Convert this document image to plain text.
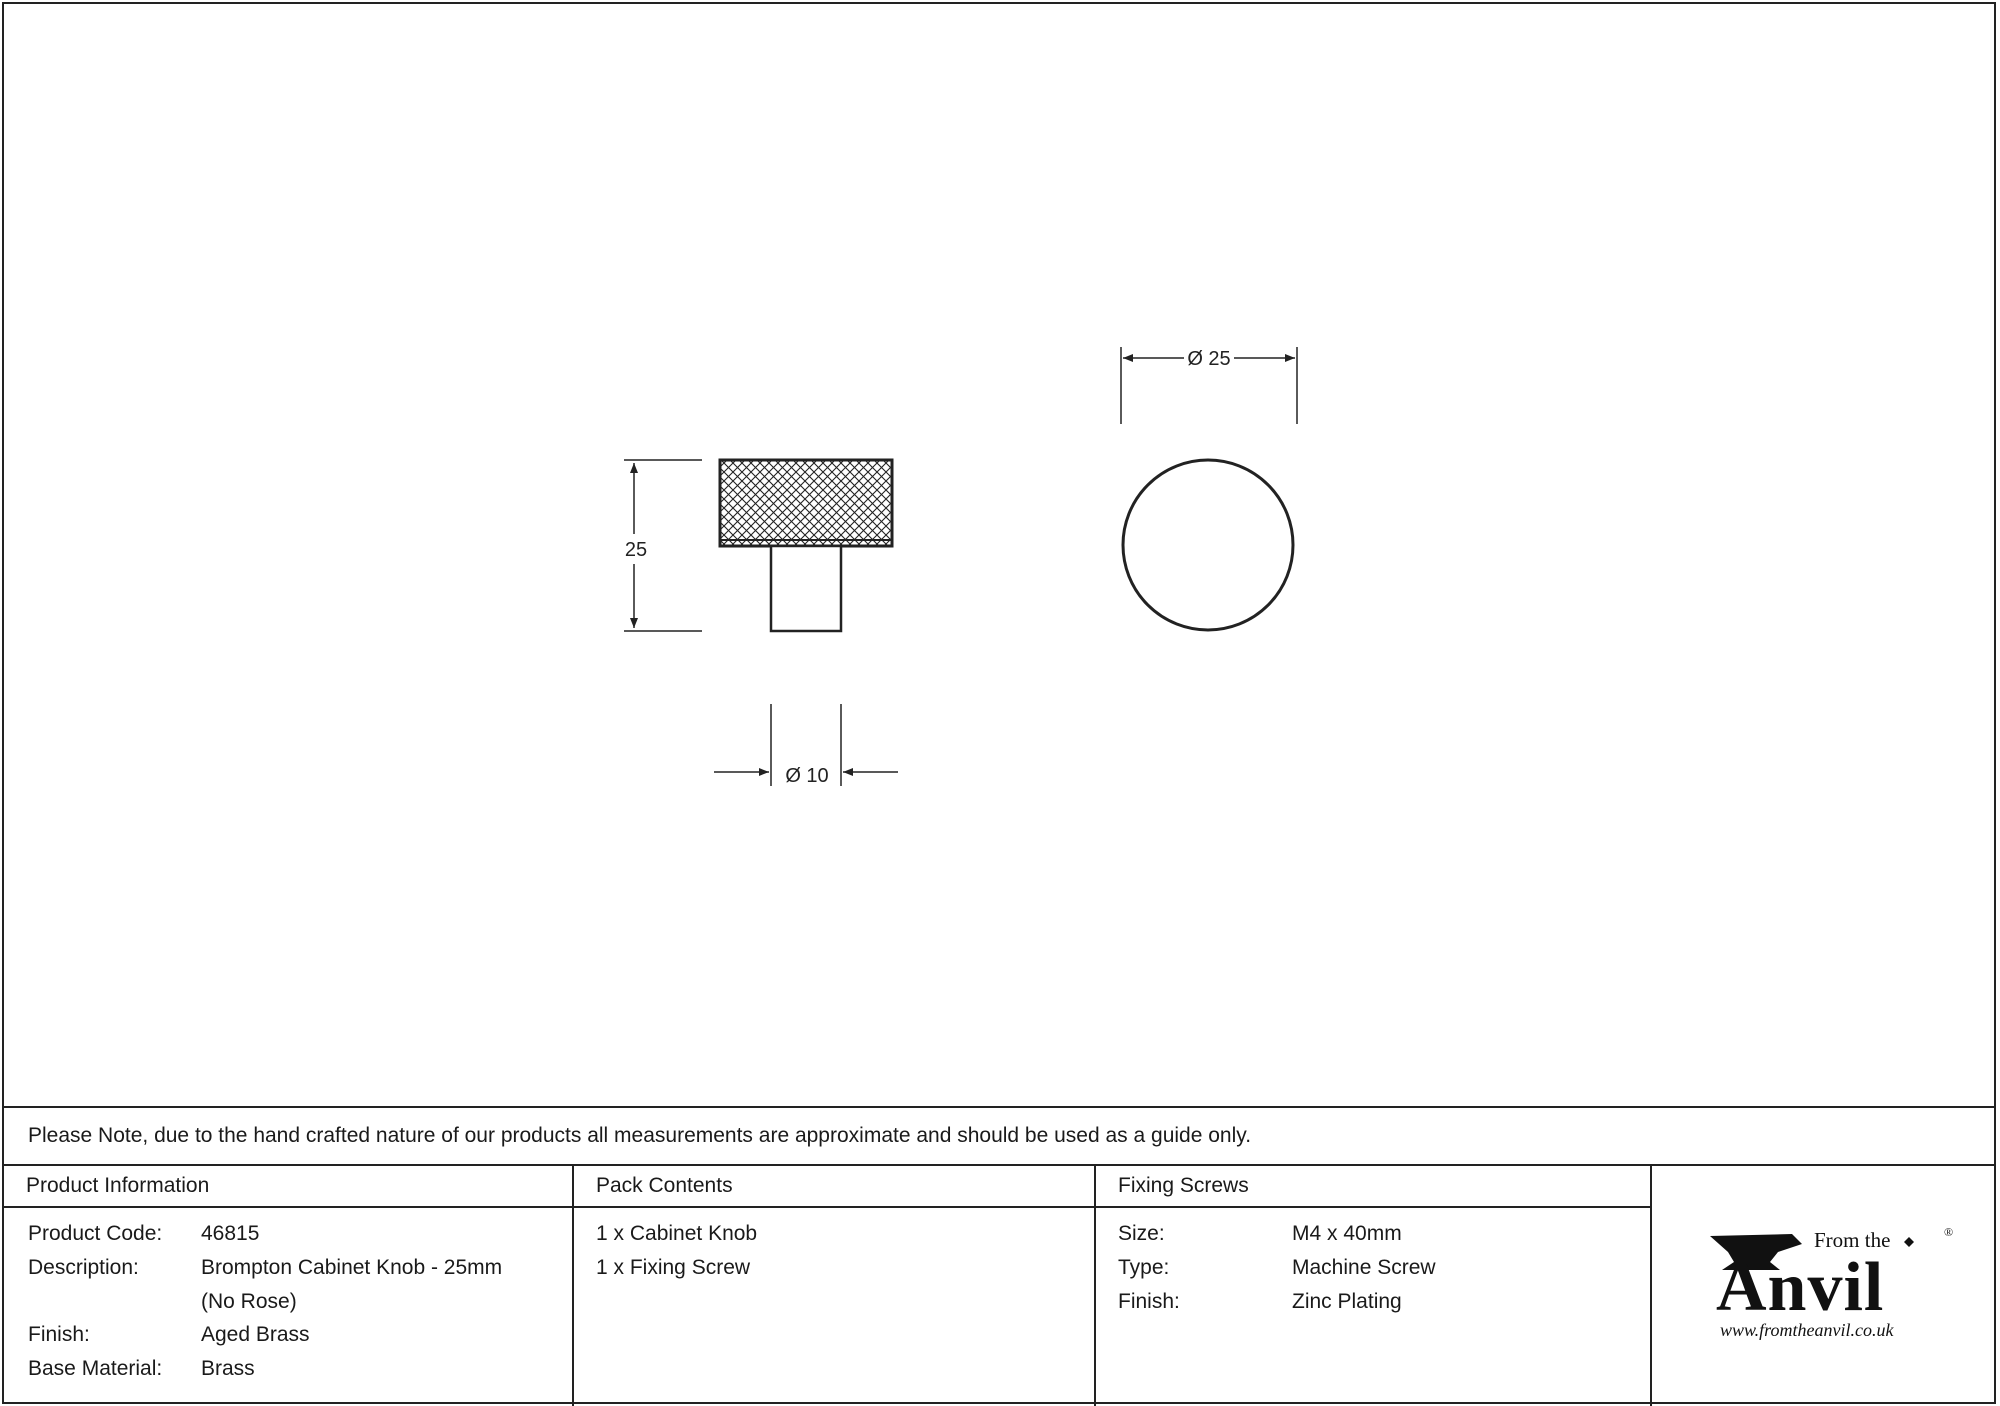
25
Ø 10
Ø 25
Please Note, due to the hand crafted nature of our products all measurements are approximate and should be used as a guide only.
Product Information
Product Code: 46815
Description:	Brompton Cabinet Knob - 25mm
(No Rose)
Finish:	Aged Brass
Base Material: Brass
Pack Contents
1 x Cabinet Knob
1 x Fixing Screw
Fixing Screws
Size:	M4 x 40mm
Type:	Machine Screw
Finish:	Zinc Plating
From the	®
Anvil
www.fromtheanvil.co.uk
